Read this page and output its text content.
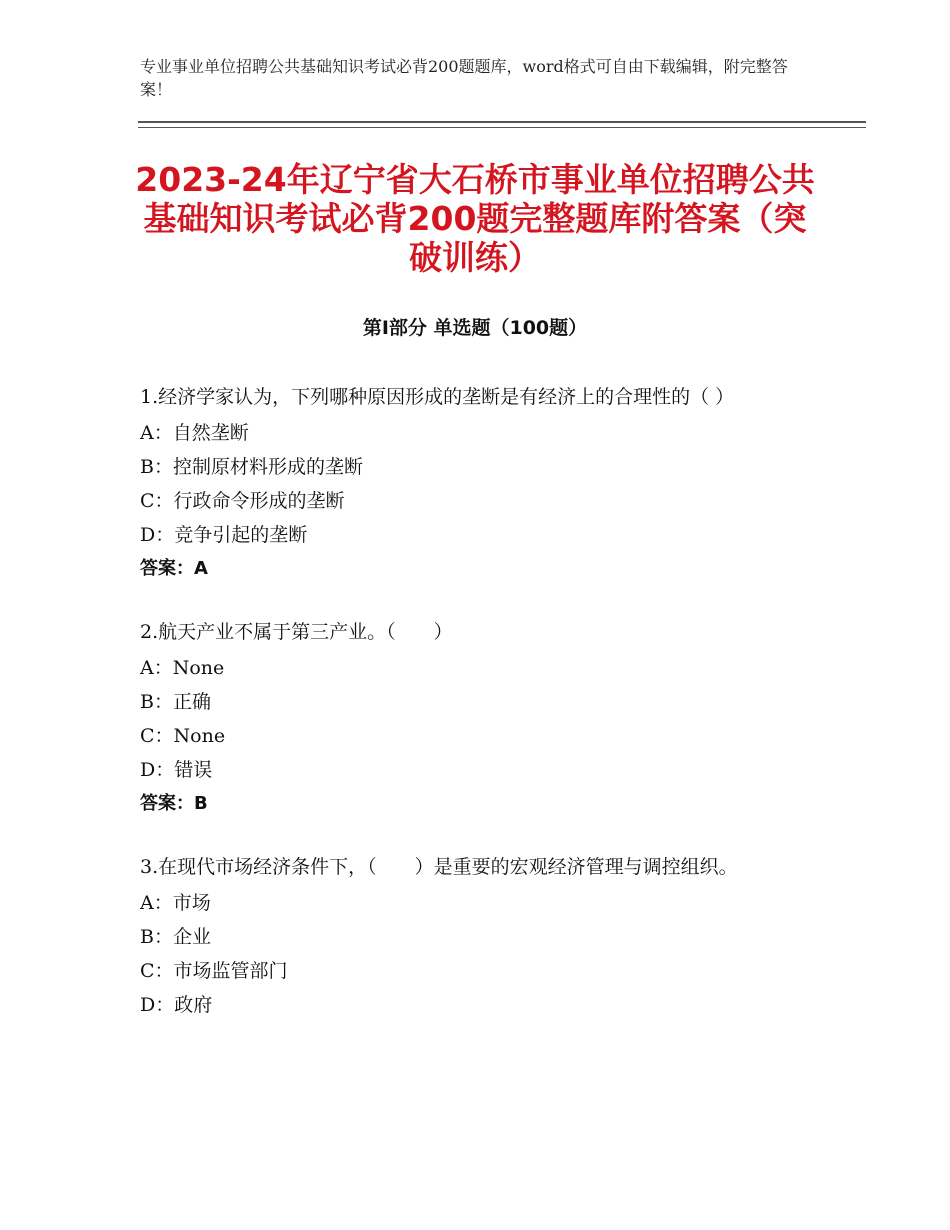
专业事业单位招聘公共基础知识考试必背200题题库，word格式可自由下载编辑，附完整答案！
2023-24年辽宁省大石桥市事业单位招聘公共基础知识考试必背200题完整题库附答案（突破训练）
第Ⅰ部分 单选题（100题）
1.经济学家认为，下列哪种原因形成的垄断是有经济上的合理性的（ ）
A：自然垄断
B：控制原材料形成的垄断
C：行政命令形成的垄断
D：竞争引起的垄断
答案：A
2.航天产业不属于第三产业。（　　）
A：None
B：正确
C：None
D：错误
答案：B
3.在现代市场经济条件下，（　　）是重要的宏观经济管理与调控组织。
A：市场
B：企业
C：市场监管部门
D：政府
